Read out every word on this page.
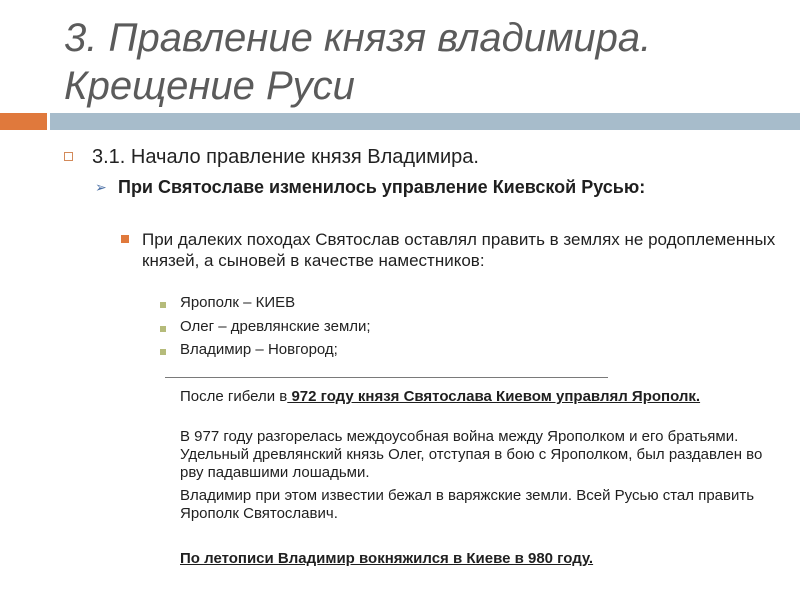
3. Правление князя владимира.
Крещение Руси
3.1. Начало правление князя Владимира.
➢ При Святославе изменилось управление Киевской Русью:
При далеких походах Святослав оставлял править в землях не родоплеменных князей, а сыновей в качестве наместников:
Ярополк – КИЕВ
Олег – древлянские земли;
Владимир – Новгород;
После гибели в 972 году князя Святослава Киевом управлял Ярополк.
В 977 году разгорелась междоусобная война между Ярополком и его братьями. Удельный древлянский князь Олег, отступая в бою с Ярополком, был раздавлен во рву падавшими лошадьми.
Владимир при этом известии бежал в варяжские земли. Всей Русью стал править Ярополк Святославич.
По летописи Владимир вокняжился в Киеве в 980 году.
